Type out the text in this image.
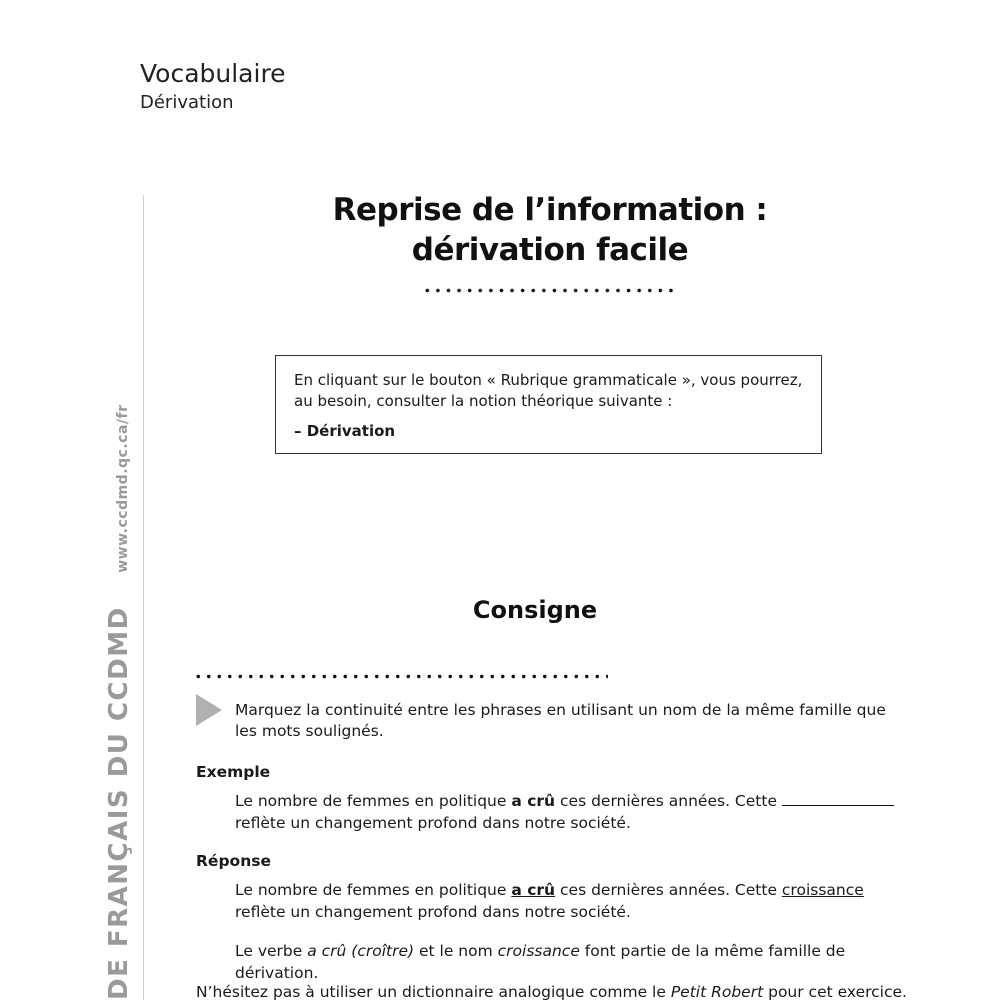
Vocabulaire
Dérivation
DE FRANÇAIS DU CCDMD www.ccdmd.qc.ca/fr
Reprise de l’information :
dérivation facile
En cliquant sur le bouton « Rubrique grammaticale », vous pourrez,
au besoin, consulter la notion théorique suivante :
– Dérivation
Consigne
Marquez la continuité entre les phrases en utilisant un nom de la même famille que les mots soulignés.
Exemple
Le nombre de femmes en politique a crû ces dernières années. Cette  reflète un changement profond dans notre société.
Réponse
Le nombre de femmes en politique a crû ces dernières années. Cette croissance reflète un changement profond dans notre société.
Le verbe a crû (croître) et le nom croissance font partie de la même famille de dérivation.
N’hésitez pas à utiliser un dictionnaire analogique comme le Petit Robert pour cet exercice.
